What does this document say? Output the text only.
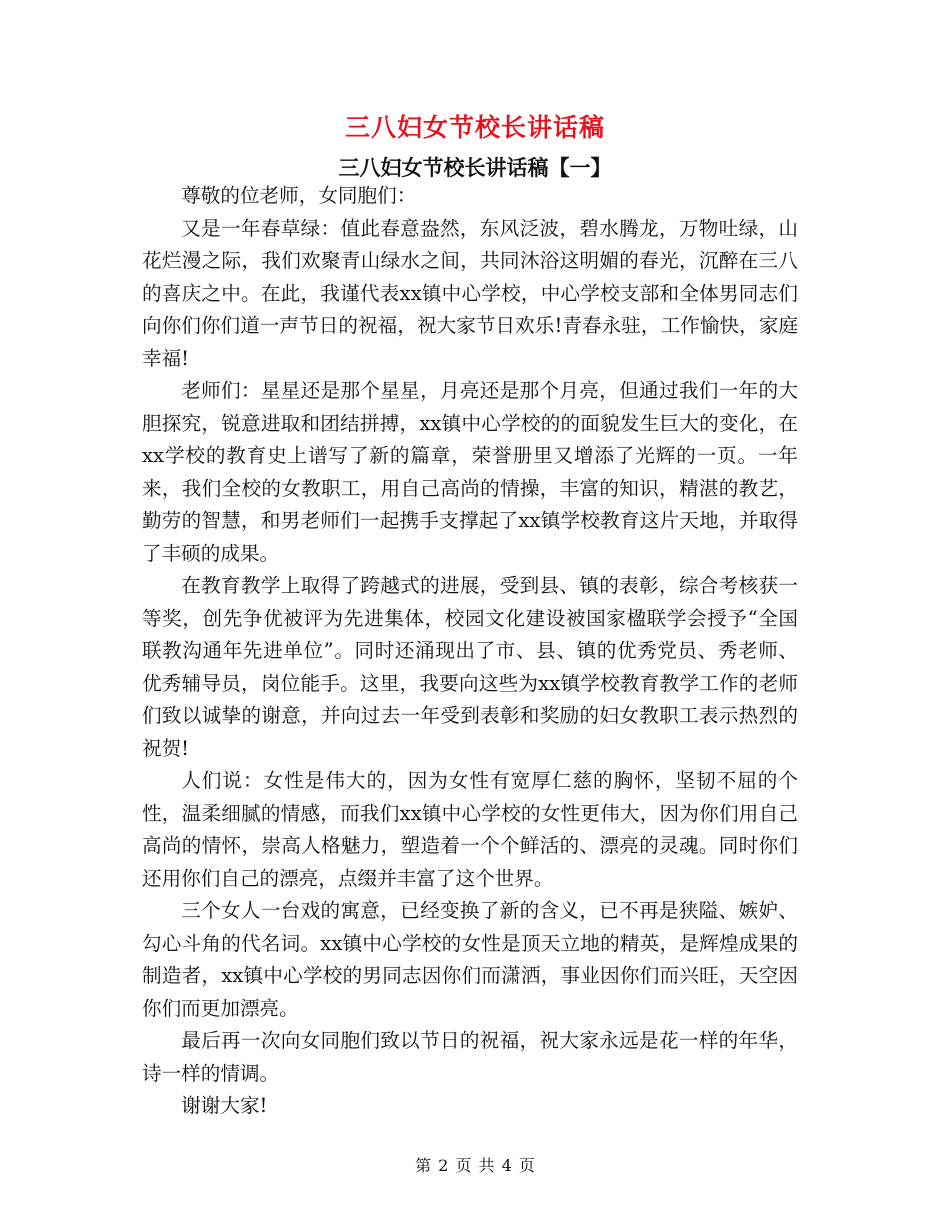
三八妇女节校长讲话稿
三八妇女节校长讲话稿【一】

尊敬的位老师，女同胞们：

又是一年春草绿：值此春意盎然，东风泛波，碧水腾龙，万物吐绿，山花烂漫之际，我们欢聚青山绿水之间，共同沐浴这明媚的春光，沉醉在三八的喜庆之中。在此，我谨代表xx镇中心学校，中心学校支部和全体男同志们向你们你们道一声节日的祝福，祝大家节日欢乐!青春永驻，工作愉快，家庭幸福!

老师们：星星还是那个星星，月亮还是那个月亮，但通过我们一年的大胆探究，锐意进取和团结拼搏，xx镇中心学校的的面貌发生巨大的变化，在xx学校的教育史上谱写了新的篇章，荣誉册里又增添了光辉的一页。一年来，我们全校的女教职工，用自己高尚的情操，丰富的知识，精湛的教艺，勤劳的智慧，和男老师们一起携手支撑起了xx镇学校教育这片天地，并取得了丰硕的成果。

在教育教学上取得了跨越式的进展，受到县、镇的表彰，综合考核获一等奖，创先争优被评为先进集体，校园文化建设被国家楹联学会授予“全国联教沟通年先进单位”。同时还涌现出了市、县、镇的优秀党员、秀老师、优秀辅导员，岗位能手。这里，我要向这些为xx镇学校教育教学工作的老师们致以诚挚的谢意，并向过去一年受到表彰和奖励的妇女教职工表示热烈的祝贺!

人们说：女性是伟大的，因为女性有宽厚仁慈的胸怀，坚韧不屈的个性，温柔细腻的情感，而我们xx镇中心学校的女性更伟大，因为你们用自己高尚的情怀，崇高人格魅力，塑造着一个个鲜活的、漂亮的灵魂。同时你们还用你们自己的漂亮，点缀并丰富了这个世界。

三个女人一台戏的寓意，已经变换了新的含义，已不再是狭隘、嫉妒、勾心斗角的代名词。xx镇中心学校的女性是顶天立地的精英，是辉煌成果的制造者，xx镇中心学校的男同志因你们而潇洒，事业因你们而兴旺，天空因你们而更加漂亮。

最后再一次向女同胞们致以节日的祝福，祝大家永远是花一样的年华，诗一样的情调。

谢谢大家!

第 2 页 共 4 页
